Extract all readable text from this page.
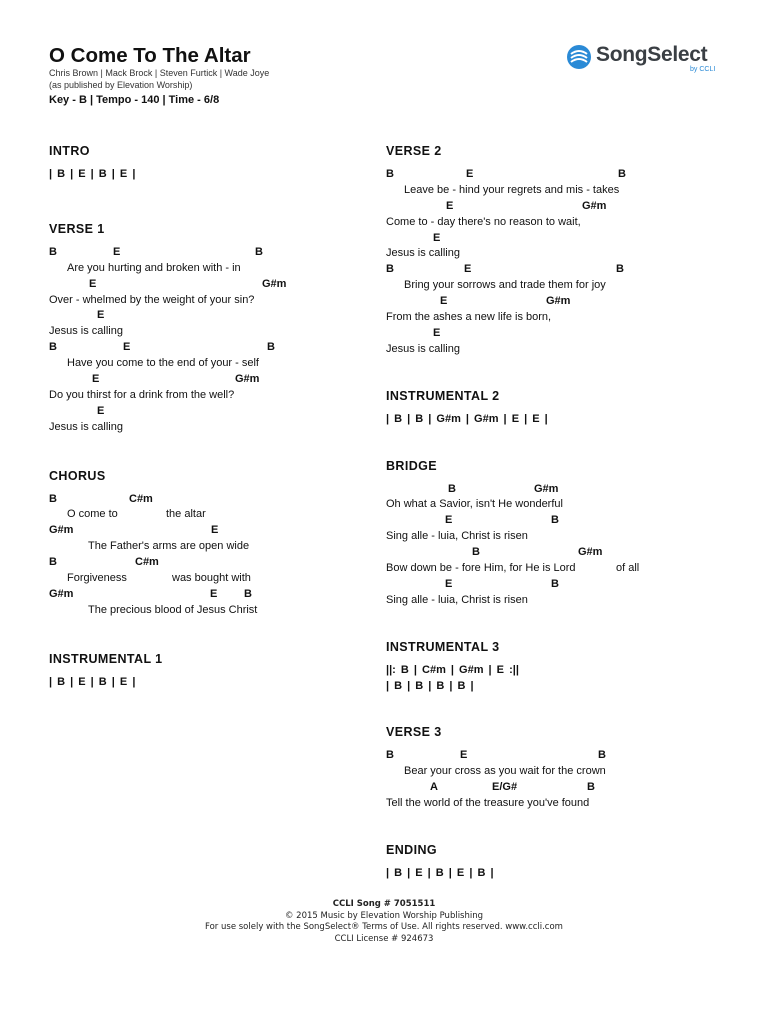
O Come To The Altar
Chris Brown | Mack Brock | Steven Furtick | Wade Joye
(as published by Elevation Worship)
Key - B | Tempo - 140 | Time - 6/8
SongSelect
by CCLI
INTRO
| B | E | B | E |
VERSE 1

B

	E

	B

Are you hurting and broken with - in

E

	G#m

Over - whelmed by the weight of your sin?

E

Jesus is calling

B

	E

	B

Have you come to the end of your - self

E

	G#m

Do you thirst for a drink from the well?

E

Jesus is calling
CHORUS

B

	C#m

O come to

	the altar

G#m

	E

The Father's arms are open wide

B

	C#m

Forgiveness

	was bought with

G#m

	E

B

The precious blood of Jesus Christ
INSTRUMENTAL 1
| B | E | B | E |
VERSE 2

B

	E

	B

Leave be - hind your regrets and mis - takes

E

	G#m

Come to - day there's no reason to wait,

E

Jesus is calling

B

	E

	B

Bring your sorrows and trade them for joy

E

	G#m

From the ashes a new life is born,

E

Jesus is calling
INSTRUMENTAL 2
| B | B | G#m | G#m | E | E |
BRIDGE

B

	G#m

Oh what a Savior, isn't He wonderful

E

	B

Sing alle - luia, Christ is risen

B

	G#m

Bow down be - fore Him, for He is Lord

	of all

E

	B

Sing alle - luia, Christ is risen
INSTRUMENTAL 3
||: B | C#m | G#m | E :||
| B | B | B | B |
VERSE 3

B

	E

	B

Bear your cross as you wait for the crown

A

	E/G#

	B

Tell the world of the treasure you've found
ENDING
| B | E | B | E | B |
CCLI Song # 7051511
© 2015 Music by Elevation Worship Publishing
For use solely with the SongSelect® Terms of Use. All rights reserved. www.ccli.com
CCLI License # 924673
